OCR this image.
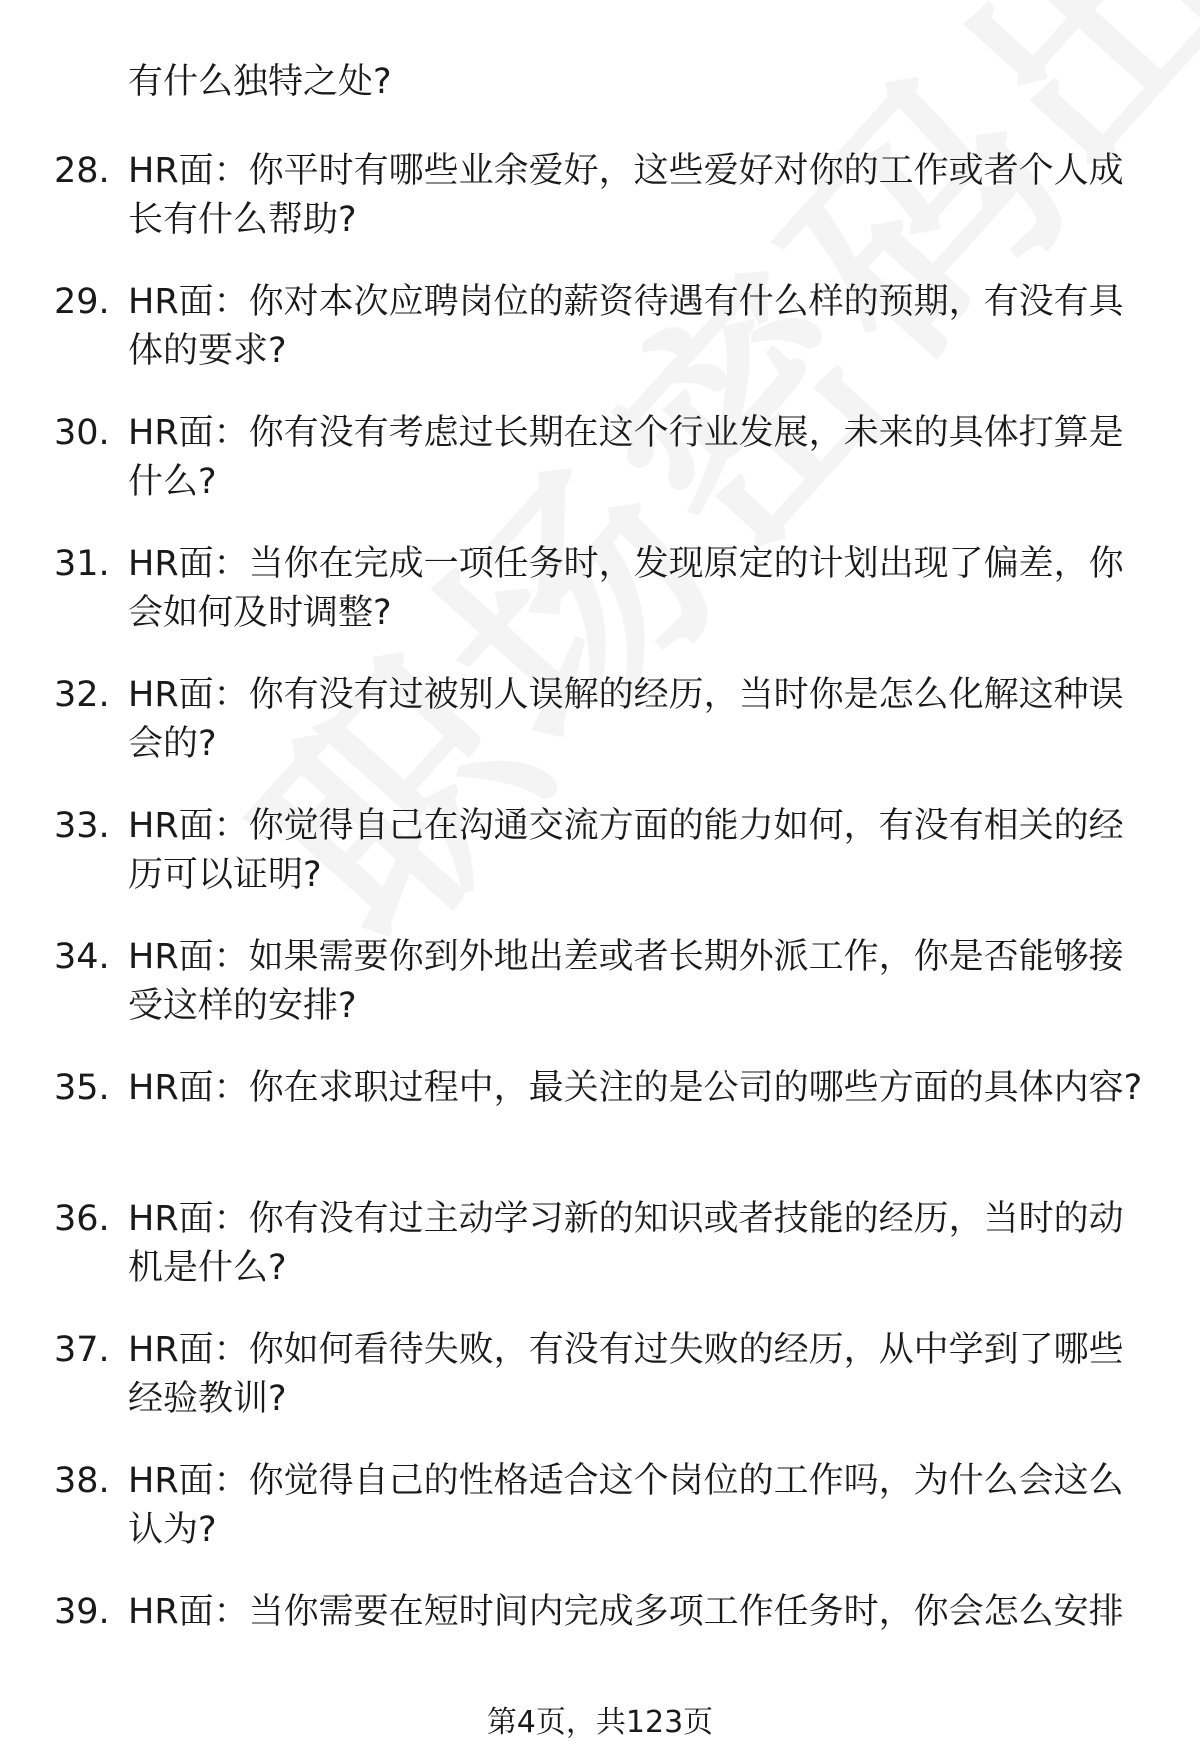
有什么独特之处?

28. HR面：你平时有哪些业余爱好，这些爱好对你的工作或者个人成长有什么帮助?
29. HR面：你对本次应聘岗位的薪资待遇有什么样的预期，有没有具体的要求?
30. HR面：你有没有考虑过长期在这个行业发展，未来的具体打算是什么?
31. HR面：当你在完成一项任务时，发现原定的计划出现了偏差，你会如何及时调整?
32. HR面：你有没有过被别人误解的经历，当时你是怎么化解这种误会的?
33. HR面：你觉得自己在沟通交流方面的能力如何，有没有相关的经历可以证明?
34. HR面：如果需要你到外地出差或者长期外派工作，你是否能够接受这样的安排?
35. HR面：你在求职过程中，最关注的是公司的哪些方面的具体内容?
36. HR面：你有没有过主动学习新的知识或者技能的经历，当时的动机是什么?
37. HR面：你如何看待失败，有没有过失败的经历，从中学到了哪些经验教训?
38. HR面：你觉得自己的性格适合这个岗位的工作吗，为什么会这么认为?
39. HR面：当你需要在短时间内完成多项工作任务时，你会怎么安排
第4页，共123页
